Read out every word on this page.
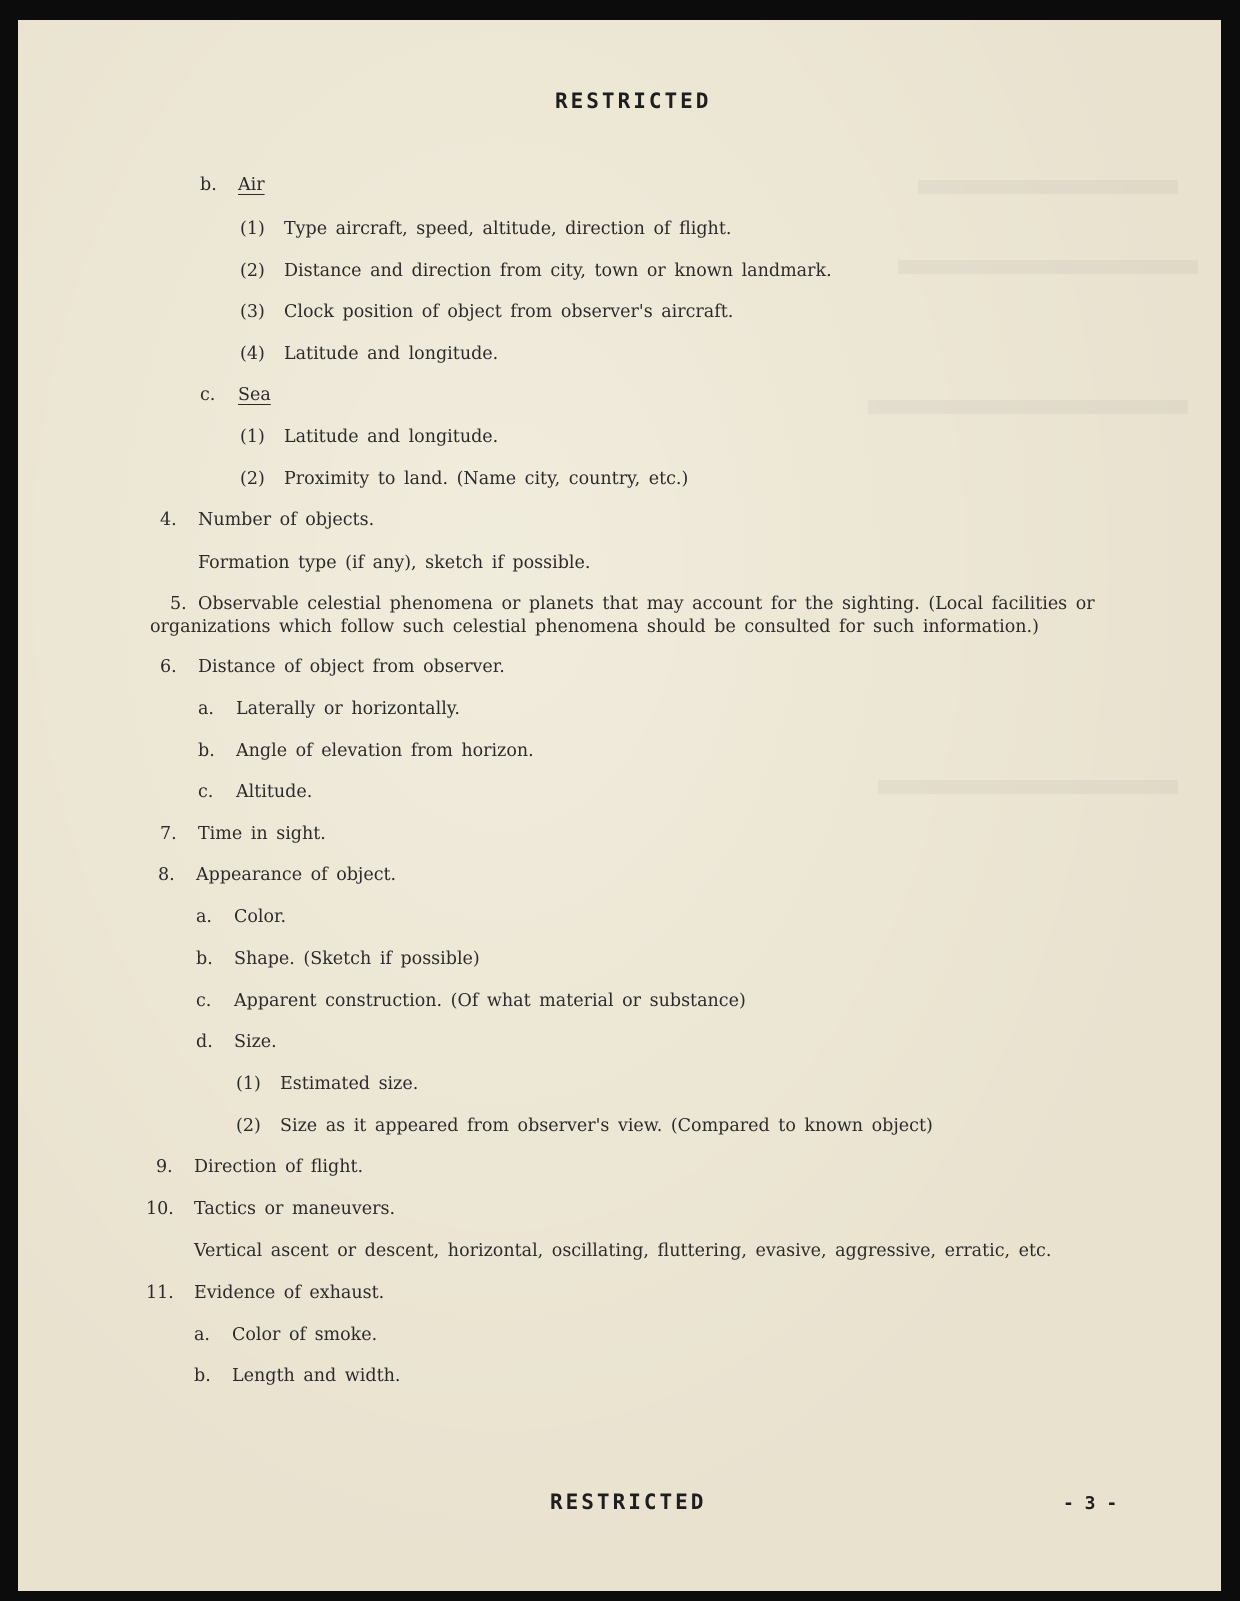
RESTRICTED
b. Air
(1) Type aircraft, speed, altitude, direction of flight.
(2) Distance and direction from city, town or known landmark.
(3) Clock position of object from observer's aircraft.
(4) Latitude and longitude.
c. Sea
(1) Latitude and longitude.
(2) Proximity to land. (Name city, country, etc.)
4. Number of objects.
Formation type (if any), sketch if possible.
5. Observable celestial phenomena or planets that may account for the sighting. (Local facilities or organizations which follow such celestial phenomena should be consulted for such information.)
6. Distance of object from observer.
a. Laterally or horizontally.
b. Angle of elevation from horizon.
c. Altitude.
7. Time in sight.
8. Appearance of object.
a. Color.
b. Shape. (Sketch if possible)
c. Apparent construction. (Of what material or substance)
d. Size.
(1) Estimated size.
(2) Size as it appeared from observer's view. (Compared to known object)
9. Direction of flight.
10. Tactics or maneuvers.
Vertical ascent or descent, horizontal, oscillating, fluttering, evasive, aggressive, erratic, etc.
11. Evidence of exhaust.
a. Color of smoke.
b. Length and width.
RESTRICTED	- 3 -
